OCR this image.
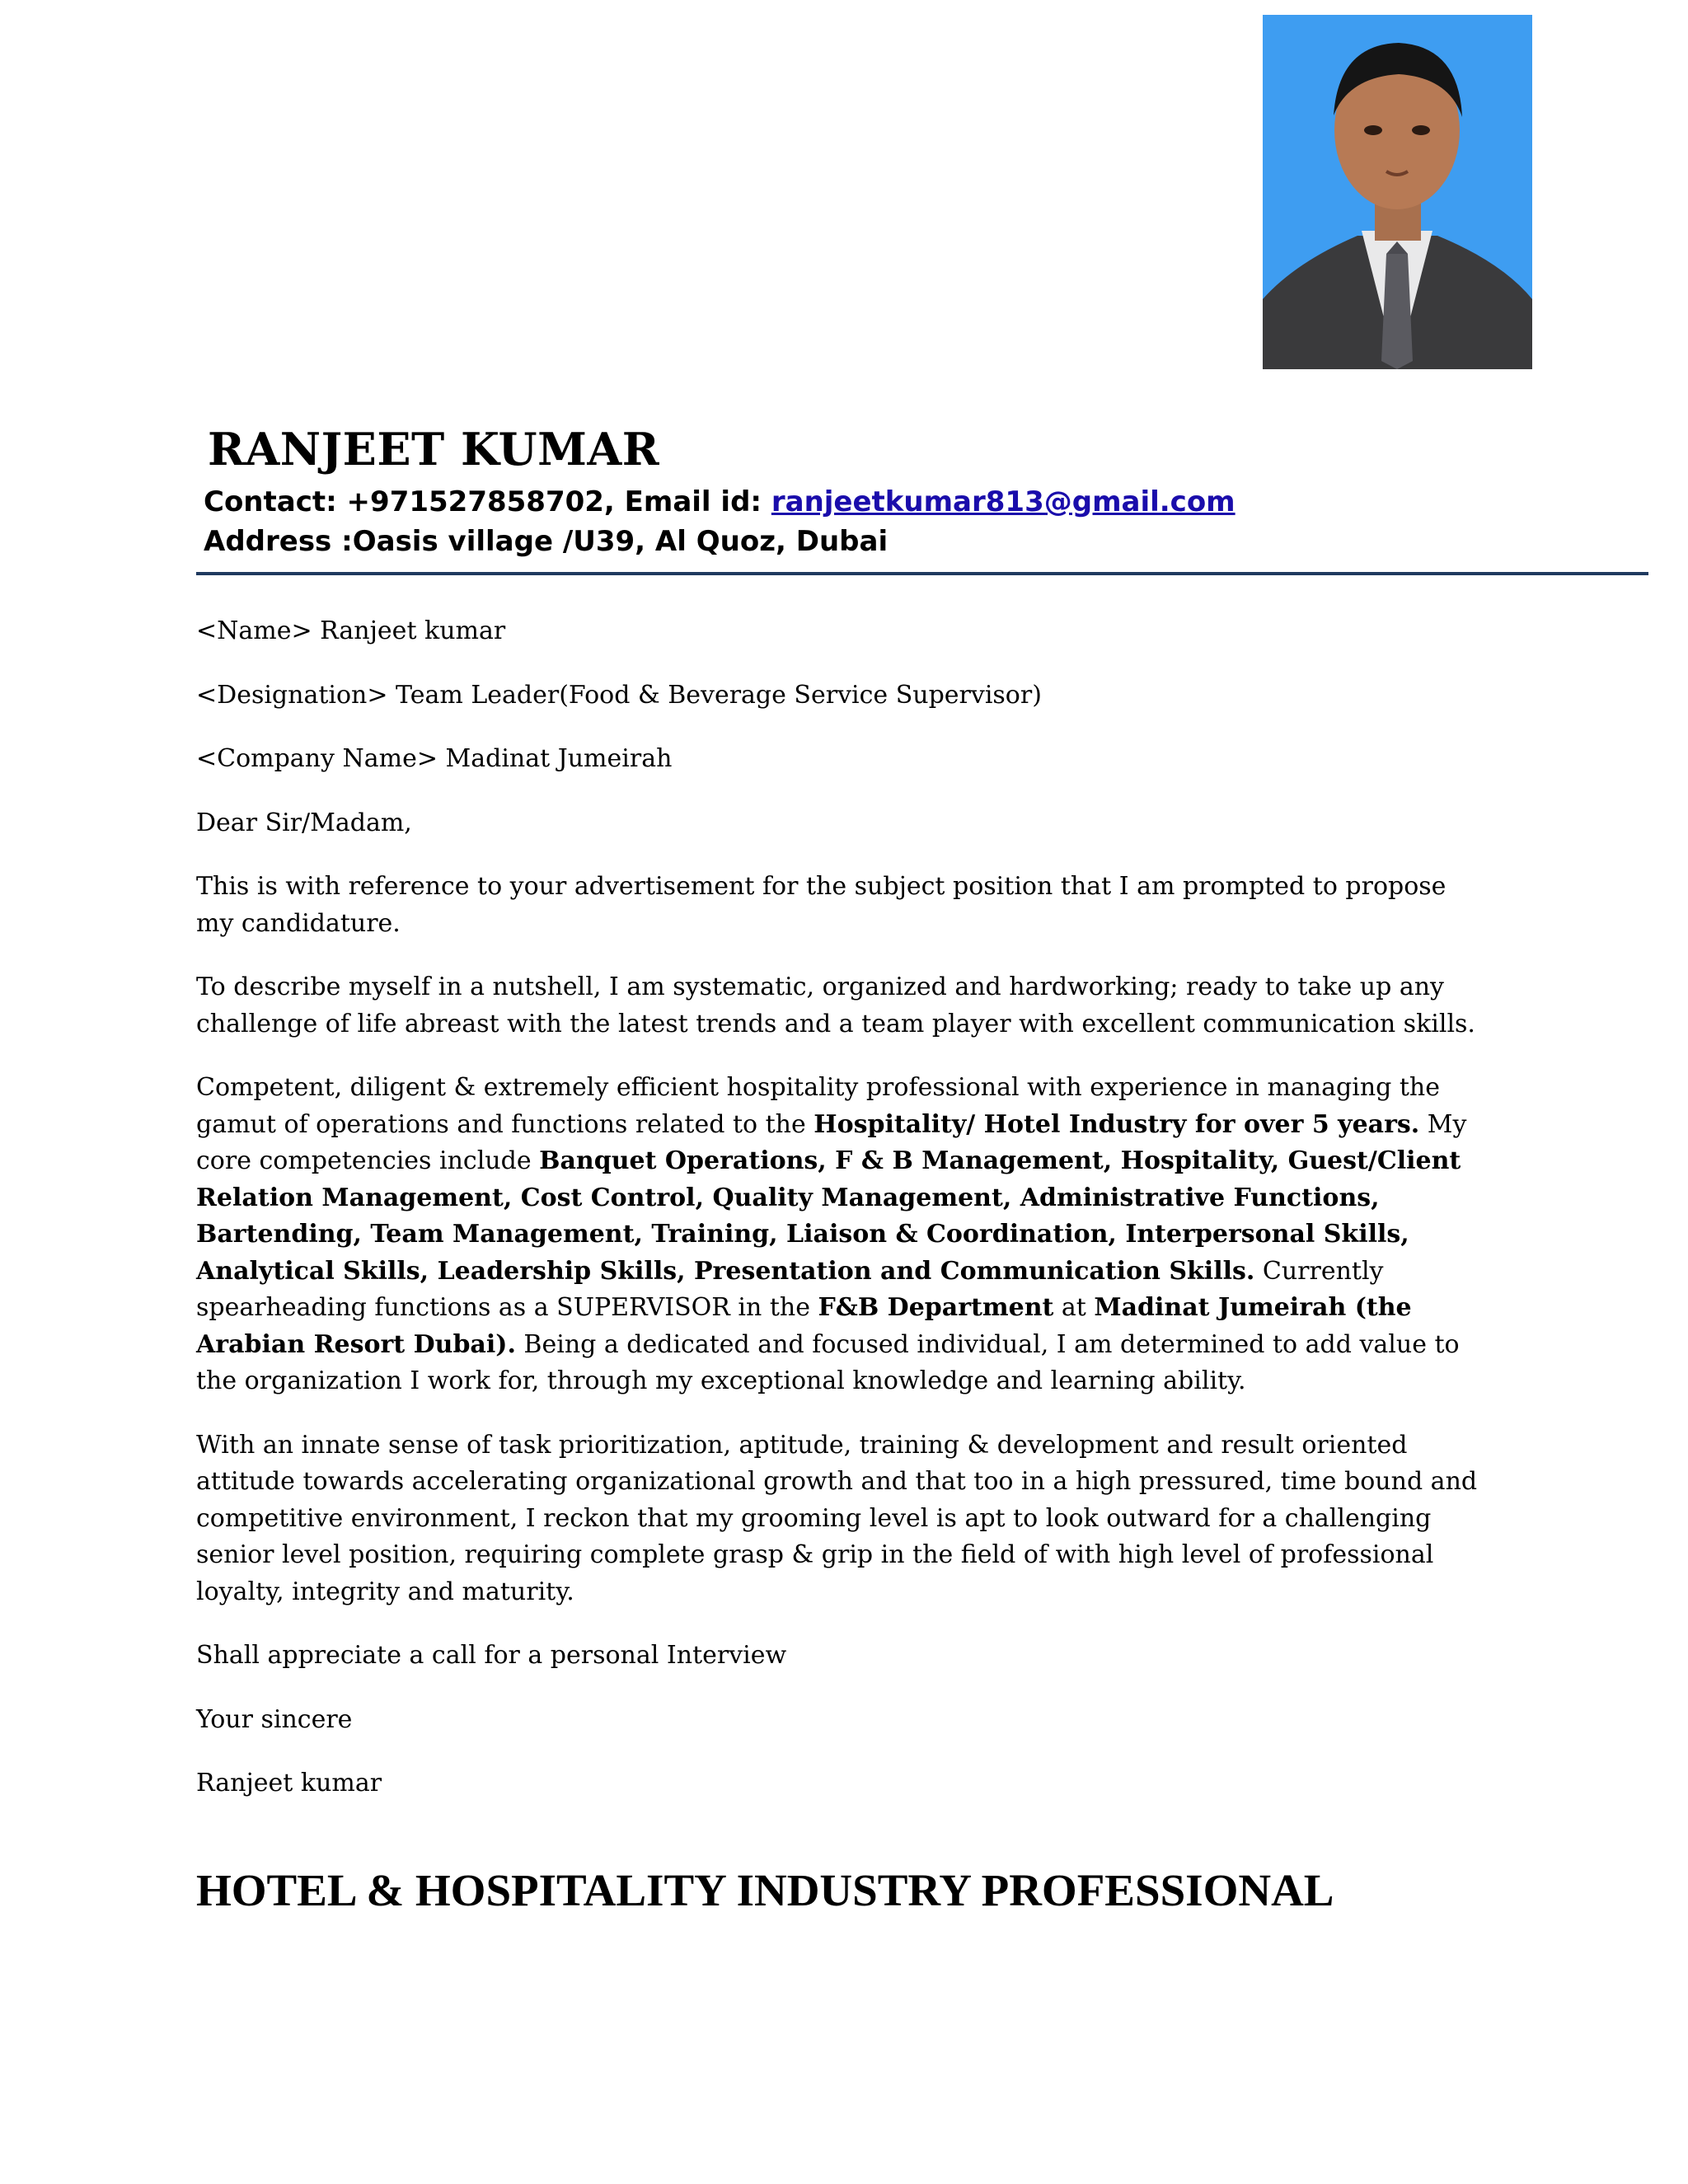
RANJEET KUMAR

Contact: +971527858702, Email id: ranjeetkumar813@gmail.com

Address :Oasis village /U39, Al Quoz, Dubai

<Name> Ranjeet kumar

<Designation> Team Leader(Food & Beverage Service Supervisor)

<Company Name> Madinat Jumeirah

Dear Sir/Madam,

This is with reference to your advertisement for the subject position that I am prompted to propose my candidature.

To describe myself in a nutshell, I am systematic, organized and hardworking; ready to take up any challenge of life abreast with the latest trends and a team player with excellent communication skills.

Competent, diligent & extremely efficient hospitality professional with experience in managing the gamut of operations and functions related to the Hospitality/ Hotel Industry for over 5 years. My core competencies include Banquet Operations, F & B Management, Hospitality, Guest/Client Relation Management, Cost Control, Quality Management, Administrative Functions, Bartending, Team Management, Training, Liaison & Coordination, Interpersonal Skills, Analytical Skills, Leadership Skills, Presentation and Communication Skills. Currently spearheading functions as a SUPERVISOR in the F&B Department at Madinat Jumeirah (the Arabian Resort Dubai). Being a dedicated and focused individual, I am determined to add value to the organization I work for, through my exceptional knowledge and learning ability.

With an innate sense of task prioritization, aptitude, training & development and result oriented attitude towards accelerating organizational growth and that too in a high pressured, time bound and competitive environment, I reckon that my grooming level is apt to look outward for a challenging senior level position, requiring complete grasp & grip in the field of with high level of professional loyalty, integrity and maturity.

Shall appreciate a call for a personal Interview

Your sincere

Ranjeet kumar

HOTEL & HOSPITALITY INDUSTRY PROFESSIONAL
